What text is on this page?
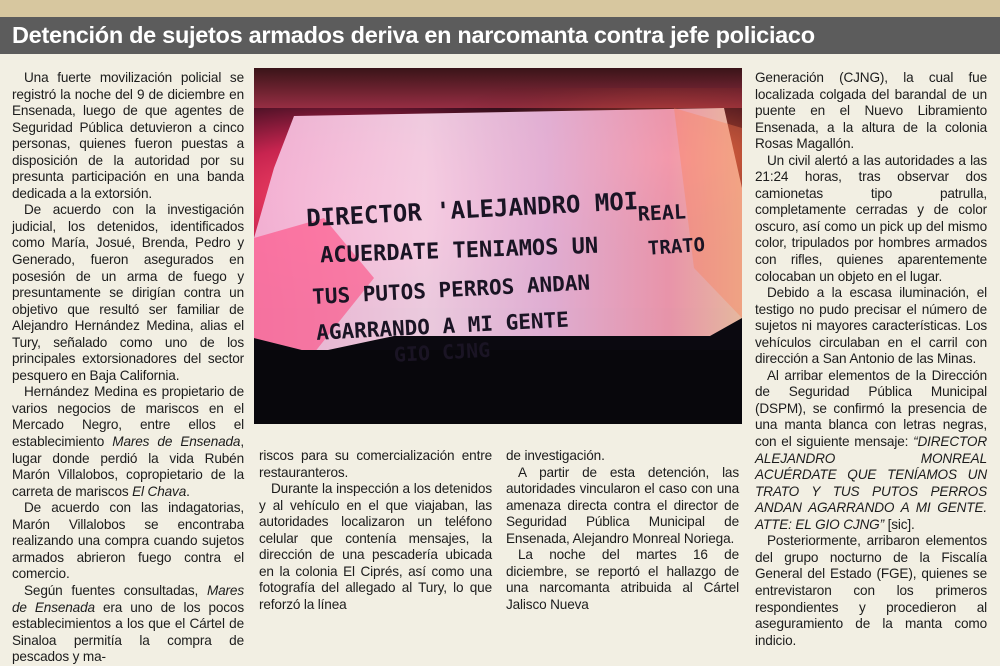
Detención de sujetos armados deriva en narcomanta contra jefe policiaco

Una fuerte movilización policial se registró la noche del 9 de diciembre en Ensenada, luego de que agentes de Seguridad Pública detuvieron a cinco personas, quienes fueron puestas a disposición de la autoridad por su presunta participación en una banda dedicada a la extorsión.

De acuerdo con la investigación judicial, los detenidos, identificados como María, Josué, Brenda, Pedro y Generado, fueron asegurados en posesión de un arma de fuego y presuntamente se dirigían contra un objetivo que resultó ser familiar de Alejandro Hernández Medina, alias el Tury, señalado como uno de los principales extorsionadores del sector pesquero en Baja California.

Hernández Medina es propietario de varios negocios de mariscos en el Mercado Negro, entre ellos el establecimiento Mares de Ensenada, lugar donde perdió la vida Rubén Marón Villalobos, copropietario de la carreta de mariscos El Chava.

De acuerdo con las indagatorias, Marón Villalobos se encontraba realizando una compra cuando sujetos armados abrieron fuego contra el comercio.

Según fuentes consultadas, Mares de Ensenada era uno de los pocos establecimientos a los que el Cártel de Sinaloa permitía la compra de pescados y ma-

DIRECTOR 'ALEJANDRO MOI
ACUERDATE TENIAMOS UN
REAL
TRATO
TUS PUTOS PERROS ANDAN
AGARRANDO A MI GENTE
GIO CJNG

riscos para su comercialización entre restauranteros.

Durante la inspección a los detenidos y al vehículo en el que viajaban, las autoridades localizaron un teléfono celular que contenía mensajes, la dirección de una pescadería ubicada en la colonia El Ciprés, así como una fotografía del allegado al Tury, lo que reforzó la línea

de investigación.

A partir de esta detención, las autoridades vincularon el caso con una amenaza directa contra el director de Seguridad Pública Municipal de Ensenada, Alejandro Monreal Noriega.

La noche del martes 16 de diciembre, se reportó el hallazgo de una narcomanta atribuida al Cártel Jalisco Nueva

Generación (CJNG), la cual fue localizada colgada del barandal de un puente en el Nuevo Libramiento Ensenada, a la altura de la colonia Rosas Magallón.

Un civil alertó a las autoridades a las 21:24 horas, tras observar dos camionetas tipo patrulla, completamente cerradas y de color oscuro, así como un pick up del mismo color, tripulados por hombres armados con rifles, quienes aparentemente colocaban un objeto en el lugar.

Debido a la escasa iluminación, el testigo no pudo precisar el número de sujetos ni mayores características. Los vehículos circulaban en el carril con dirección a San Antonio de las Minas.

Al arribar elementos de la Dirección de Seguridad Pública Municipal (DSPM), se confirmó la presencia de una manta blanca con letras negras, con el siguiente mensaje: “DIRECTOR ALEJANDRO MONREAL ACUÉRDATE QUE TENÍAMOS UN TRATO Y TUS PUTOS PERROS ANDAN AGARRANDO A MI GENTE. ATTE: EL GIO CJNG” [sic].

Posteriormente, arribaron elementos del grupo nocturno de la Fiscalía General del Estado (FGE), quienes se entrevistaron con los primeros respondientes y procedieron al aseguramiento de la manta como indicio.
